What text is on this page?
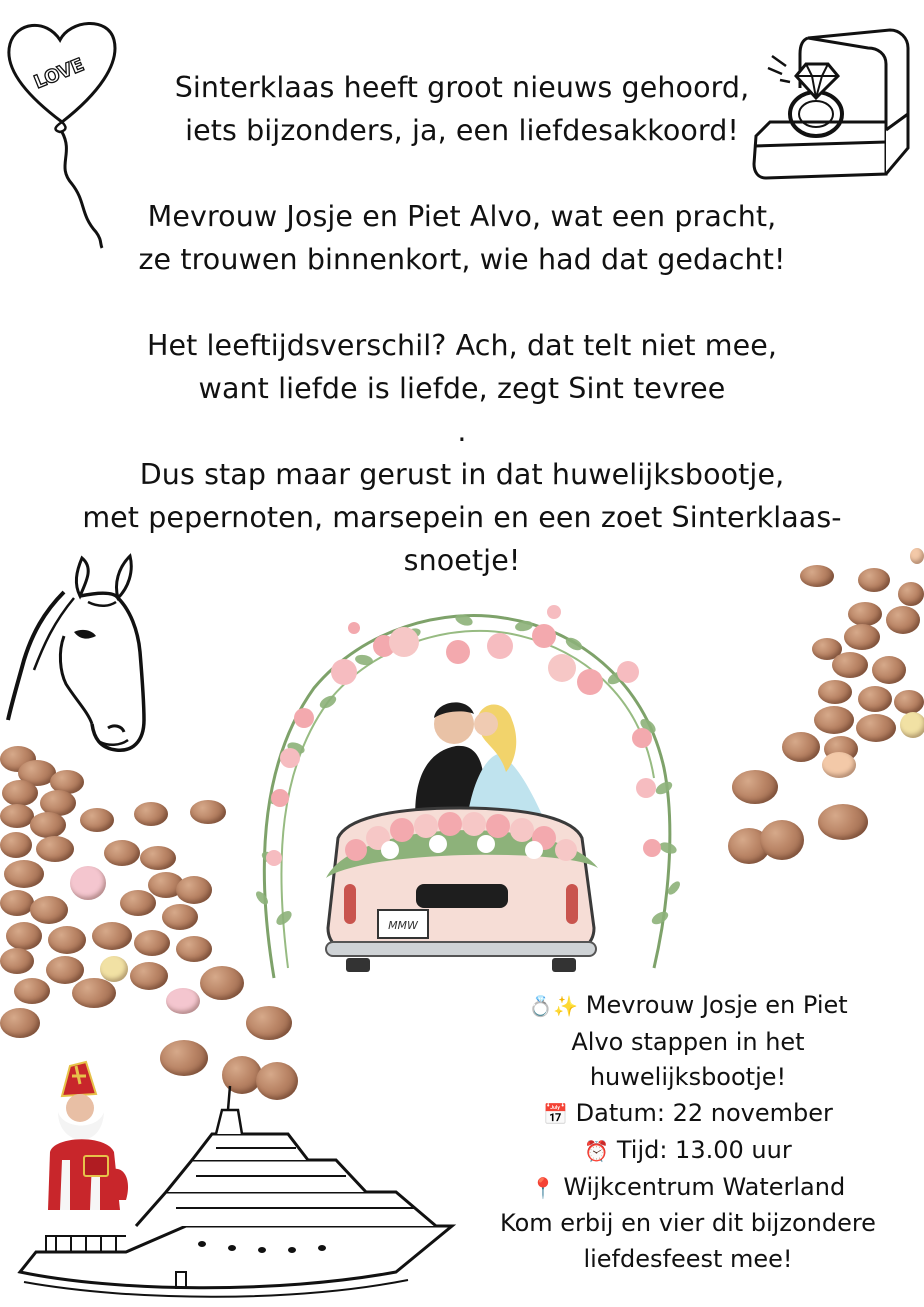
LOVE	Sinterklaas heeft groot nieuws gehoord,
iets bijzonders, ja, een liefdesakkoord!
Mevrouw Josje en Piet Alvo, wat een pracht,
ze trouwen binnenkort, wie had dat gedacht!
Het leeftijdsverschil? Ach, dat telt niet mee,
want liefde is liefde, zegt Sint tevree
.
Dus stap maar gerust in dat huwelijksbootje,
met pepernoten, marsepein en een zoet Sinterklaas-
snoetje!
MMW
💍✨ Mevrouw Josje en Piet
Alvo stappen in het
huwelijksbootje!
📅 Datum: 22 november
⏰ Tijd: 13.00 uur
📍 Wijkcentrum Waterland
Kom erbij en vier dit bijzondere
liefdesfeest mee!
